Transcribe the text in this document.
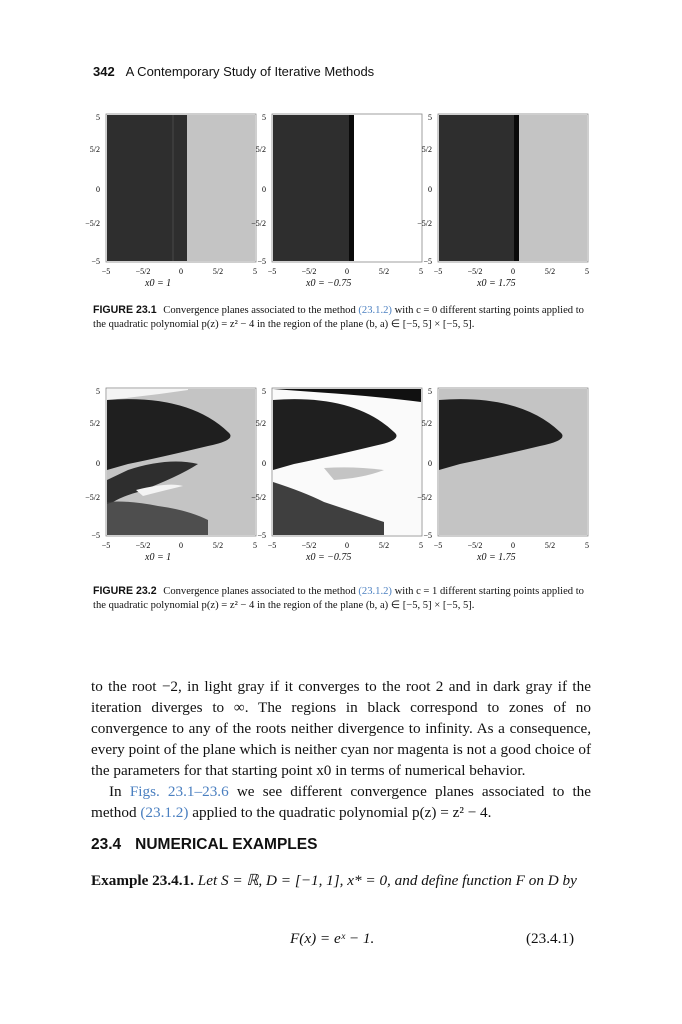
342 A Contemporary Study of Iterative Methods
5
5/2
0
−5/2
−5
−5	−5/2	0	5/2	5
5
5/2
0
−5/2
−5
−5	−5/2	0	5/2	5
5
5/2
0
−5/2
−5
−5	−5/2	0	5/2	5
x0 = 1	x0 = −0.75	x0 = 1.75
FIGURE 23.1 Convergence planes associated to the method (23.1.2) with c = 0 different starting points applied to the quadratic polynomial p(z) = z² − 4 in the region of the plane (b, a) ∈ [−5, 5] × [−5, 5].
5
5/2
0
−5/2
−5
−5	−5/2	0	5/2	5
5
5/2
0
−5/2
−5
−5	−5/2	0	5/2	5
5
5/2
0
−5/2
−5
−5	−5/2	0	5/2	5
x0 = 1	x0 = −0.75	x0 = 1.75
FIGURE 23.2 Convergence planes associated to the method (23.1.2) with c = 1 different starting points applied to the quadratic polynomial p(z) = z² − 4 in the region of the plane (b, a) ∈ [−5, 5] × [−5, 5].

to the root −2, in light gray if it converges to the root 2 and in dark gray if the iteration diverges to ∞. The regions in black correspond to zones of no convergence to any of the roots neither divergence to infinity. As a consequence, every point of the plane which is neither cyan nor magenta is not a good choice of the parameters for that starting point x0 in terms of numerical behavior.

In Figs. 23.1–23.6 we see different convergence planes associated to the method (23.1.2) applied to the quadratic polynomial p(z) = z² − 4.

23.4 NUMERICAL EXAMPLES
Example 23.4.1. Let S = ℝ, D = [−1, 1], x* = 0, and define function F on D by
F(x) = eˣ − 1.	(23.4.1)
